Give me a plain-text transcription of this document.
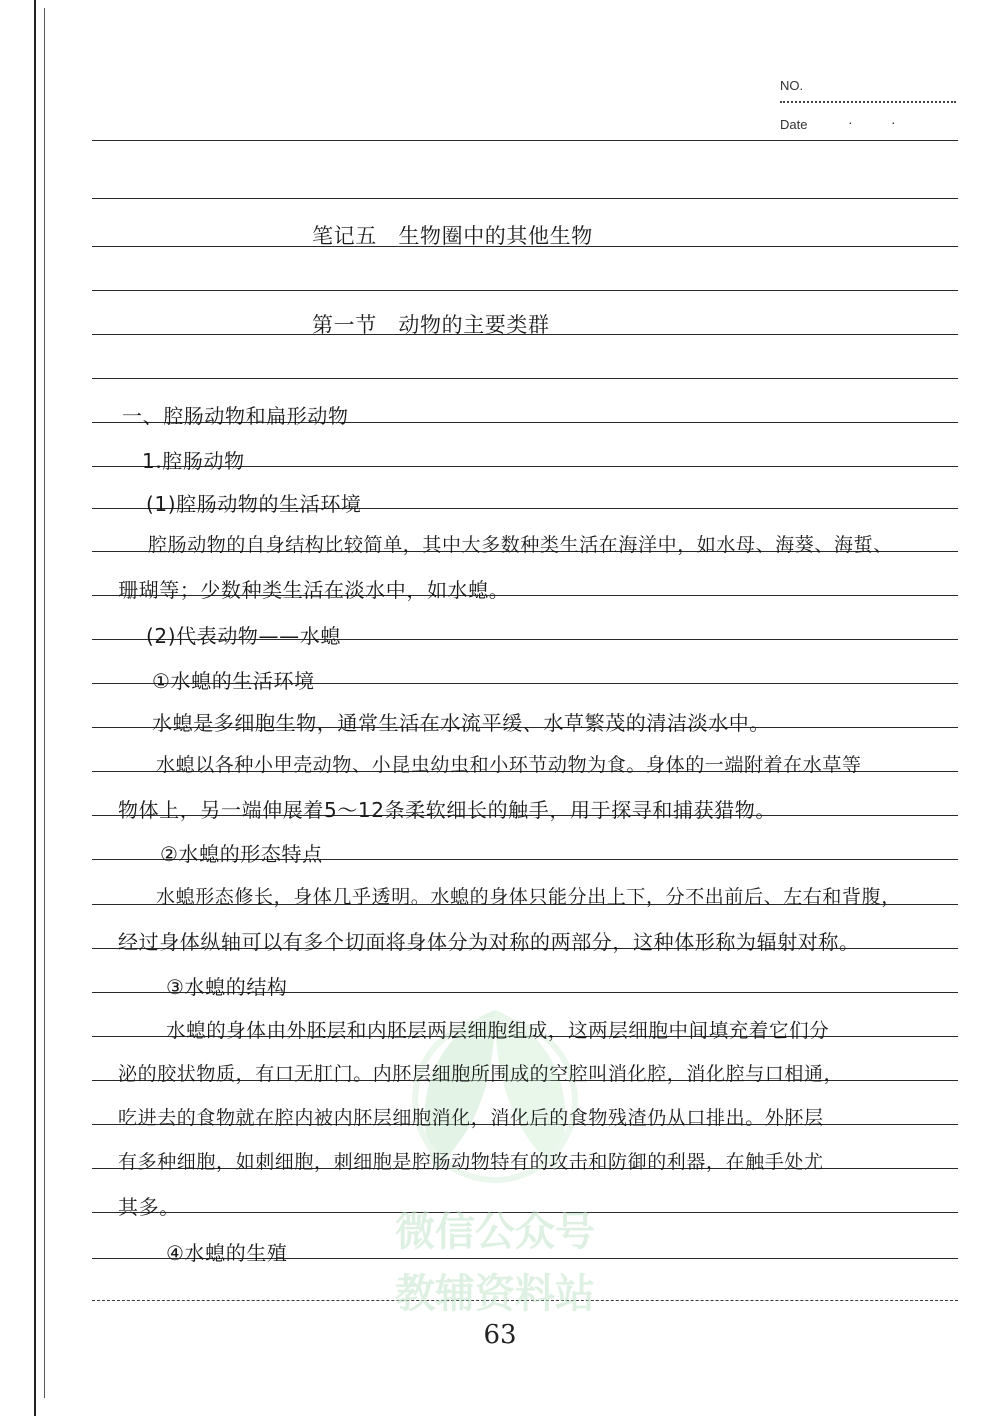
NO.
Date	·	·
微信公众号
教辅资料站
笔记五　生物圈中的其他生物
第一节　动物的主要类群
一、腔肠动物和扁形动物
1.腔肠动物
(1)腔肠动物的生活环境
腔肠动物的自身结构比较简单，其中大多数种类生活在海洋中，如水母、海葵、海蜇、
珊瑚等；少数种类生活在淡水中，如水螅。
(2)代表动物——水螅
①水螅的生活环境
水螅是多细胞生物，通常生活在水流平缓、水草繁茂的清洁淡水中。
水螅以各种小甲壳动物、小昆虫幼虫和小环节动物为食。身体的一端附着在水草等
物体上，另一端伸展着5～12条柔软细长的触手，用于探寻和捕获猎物。
②水螅的形态特点
水螅形态修长，身体几乎透明。水螅的身体只能分出上下，分不出前后、左右和背腹，
经过身体纵轴可以有多个切面将身体分为对称的两部分，这种体形称为辐射对称。
③水螅的结构
水螅的身体由外胚层和内胚层两层细胞组成，这两层细胞中间填充着它们分
泌的胶状物质，有口无肛门。内胚层细胞所围成的空腔叫消化腔，消化腔与口相通，
吃进去的食物就在腔内被内胚层细胞消化，消化后的食物残渣仍从口排出。外胚层
有多种细胞，如刺细胞，刺细胞是腔肠动物特有的攻击和防御的利器，在触手处尤
其多。
④水螅的生殖
63
